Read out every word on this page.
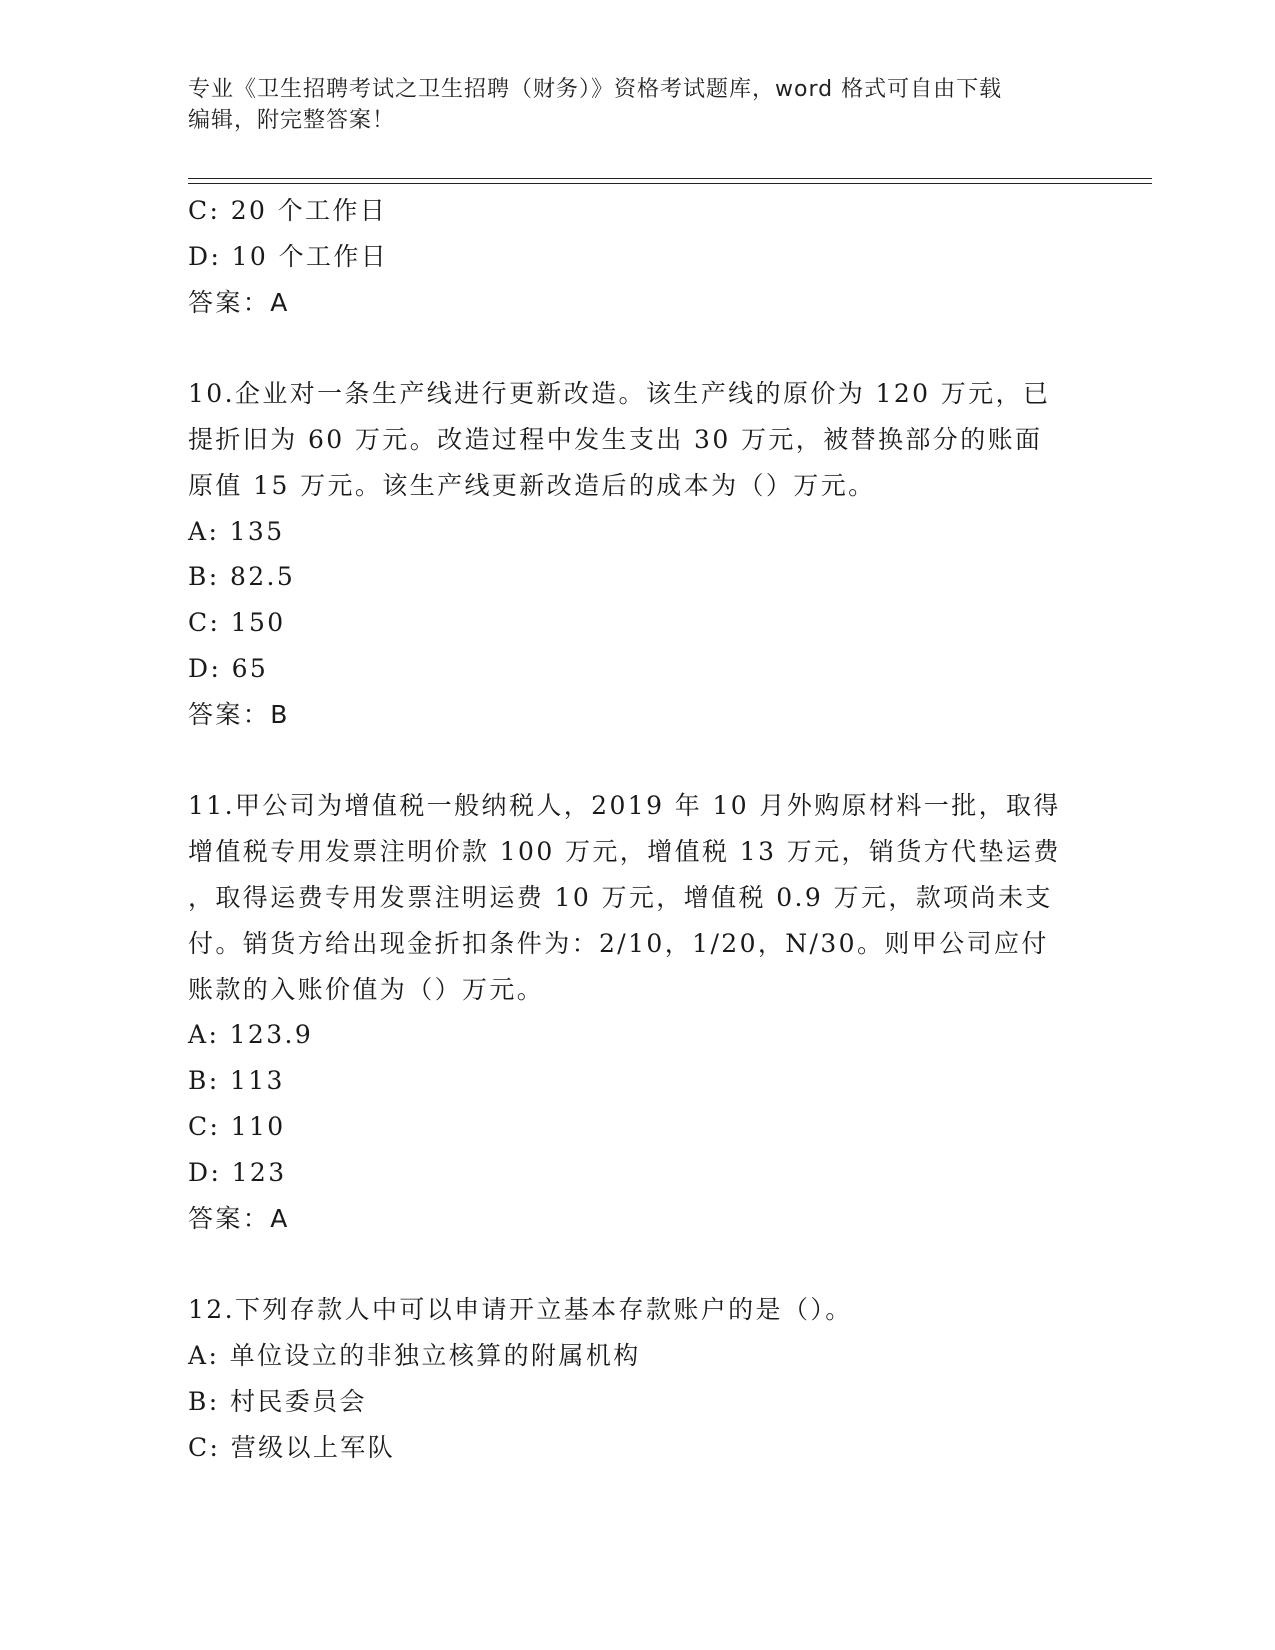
专业《卫生招聘考试之卫生招聘（财务）》资格考试题库，word 格式可自由下载
编辑，附完整答案！
C: 20 个工作日
D: 10 个工作日
答案：A
10.企业对一条生产线进行更新改造。该生产线的原价为 120 万元，已
提折旧为 60 万元。改造过程中发生支出 30 万元，被替换部分的账面
原值 15 万元。该生产线更新改造后的成本为（）万元。
A: 135
B: 82.5
C: 150
D: 65
答案：B
11.甲公司为增值税一般纳税人，2019 年 10 月外购原材料一批，取得
增值税专用发票注明价款 100 万元，增值税 13 万元，销货方代垫运费
，取得运费专用发票注明运费 10 万元，增值税 0.9 万元，款项尚未支
付。销货方给出现金折扣条件为：2/10，1/20，N/30。则甲公司应付
账款的入账价值为（）万元。
A: 123.9
B: 113
C: 110
D: 123
答案：A
12.下列存款人中可以申请开立基本存款账户的是（）。
A: 单位设立的非独立核算的附属机构
B: 村民委员会
C: 营级以上军队
